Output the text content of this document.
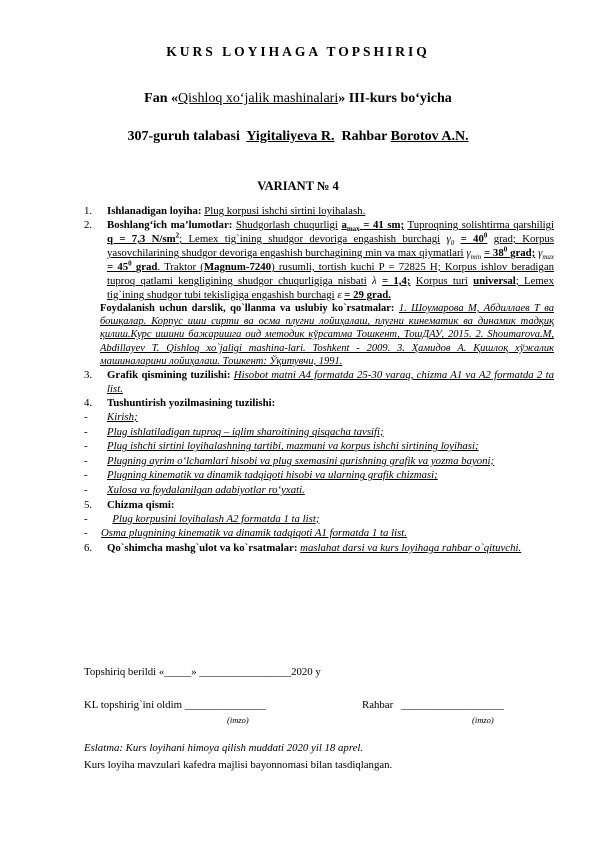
KURS LOYIHAGA TOPSHIRIQ
Fan «Qishloq xo‘jalik mashinalari» III-kurs bo‘yicha
307-guruh talabasi Yigitaliyeva R. Rahbar Borotov A.N.
VARIANT № 4

1. Ishlanadigan loyiha: Plug korpusi ishchi sirtini loyihalash.

2. Boshlang‘ich ma’lumotlar: Shudgorlash chuqurligi $a_{max} = 41$ sm; Tuproqning solishtirma qarshiligi q = 7,3 $N/sm^2$; Lemex tig`ining shudgor devoriga engashish burchagi $\gamma_0 = 40^0$ grad; Korpus yasovchilarining shudgor devoriga engashish burchagining min va max qiymatlari $\gamma_{min} = 38^0$ grad; $\gamma_{max} = 45^0$ grad. Traktor (Magnum-7240) rusumli, tortish kuchi P = 72825 H; Korpus ishlov beradigan tuproq qatlami kengligining shudgor chuqurligiga nisbati λ = 1,4; Korpus turi universal; Lemex tig`ining shudgor tubi tekisligiga engashish burchagi ε = 29 grad.

Foydalanish uchun darslik, qo`llanma va uslubiy ko`rsatmalar: 1. Шоумарова М, Абдиллаев Т ва бошқалар. Корпус иши сирти ва осма плугни лойиҳалаш, плугни кинематик ва динамик тадқиқ қилиш.Курс ишини бажаришга оид методик кўрсатма Тошкент, ТошДАУ, 2015. 2. Shoumarova.M, Abdillayev T. Qishloq xo`jaligi mashina-lari. Toshkent - 2009. 3. Ҳамидов А. Қишлоқ хўжалик машиналарини лойиҳалаш. Тошкент: Ўқитувчи, 1991.

3. Grafik qismining tuzilishi: Hisobot matni A4 formatda 25-30 varaq, chizma A1 va A2 formatda 2 ta list.

4. Tushuntirish yozilmasining tuzilishi:

- Kirish;

- Plug ishlatiladigan tuproq – iqlim sharoitining qisqacha tavsifi;

- Plug ishchi sirtini loyihalashning tartibi, mazmuni va korpus ishchi sirtining loyihasi;

- Plugning ayrim o‘lchamlari hisobi va plug sxemasini qurishning grafik va yozma bayoni;

- Plugning kinematik va dinamik tadqiqoti hisobi va ularning grafik chizmasi;

- Xulosa va foydalanilgan adabiyotlar ro‘yxati.

5. Chizma qismi:

- Plug korpusini loyihalash A2 formatda 1 ta list;

- Osma plugnining kinematik va dinamik tadqiqoti A1 formatda 1 ta list.

6. Qo`shimcha mashg`ulot va ko`rsatmalar: maslahat darsi va kurs loyihaga rahbar o`qituvchi.

Topshiriq berildi «_____» _________________2020 y
KL topshirig`ini oldim _______________	Rahbar ___________________
(imzo)	(imzo)
Eslatma: Kurs loyihani himoya qilish muddati 2020 yil 18 aprel.
Kurs loyiha mavzulari kafedra majlisi bayonnomasi bilan tasdiqlangan.
